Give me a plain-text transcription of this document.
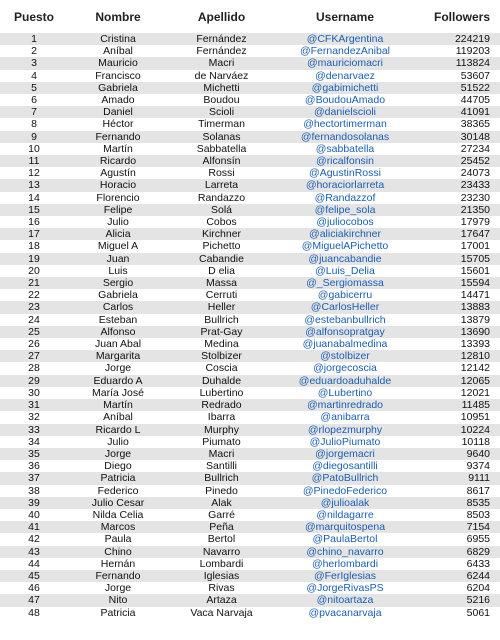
Puesto	Nombre	Apellido	Username	Followers
1	Cristina	Fernández	@CFKArgentina	224219
2	Aníbal	Fernández	@FernandezAnibal	119203
3	Mauricio	Macri	@mauriciomacri	113824
4	Francisco	de Narváez	@denarvaez	53607
5	Gabriela	Michetti	@gabimichetti	51522
6	Amado	Boudou	@BoudouAmado	44705
7	Daniel	Scioli	@danielscioli	41091
8	Héctor	Timerman	@hectortimerman	38365
9	Fernando	Solanas	@fernandosolanas	30148
10	Martín	Sabbatella	@sabbatella	27234
11	Ricardo	Alfonsín	@ricalfonsin	25452
12	Agustín	Rossi	@AgustinRossi	24073
13	Horacio	Larreta	@horaciorlarreta	23433
14	Florencio	Randazzo	@Randazzof	23230
15	Felipe	Solá	@felipe_sola	21350
16	Julio	Cobos	@juliocobos	17979
17	Alicia	Kirchner	@aliciakirchner	17647
18	Miguel A	Pichetto	@MiguelAPichetto	17001
19	Juan	Cabandie	@juancabandie	15705
20	Luis	D elia	@Luis_Delia	15601
21	Sergio	Massa	@_Sergiomassa	15594
22	Gabriela	Cerruti	@gabicerru	14471
23	Carlos	Heller	@CarlosHeller	13883
24	Esteban	Bullrich	@estebanbullrich	13879
25	Alfonso	Prat-Gay	@alfonsopratgay	13690
26	Juan Abal	Medina	@juanabalmedina	13393
27	Margarita	Stolbizer	@stolbizer	12810
28	Jorge	Coscia	@jorgecoscia	12142
29	Eduardo A	Duhalde	@eduardoaduhalde	12065
30	María José	Lubertino	@Lubertino	12021
31	Martín	Redrado	@martinredrado	11485
32	Aníbal	Ibarra	@anibarra	10951
33	Ricardo L	Murphy	@rlopezmurphy	10224
34	Julio	Piumato	@JulioPiumato	10118
35	Jorge	Macri	@jorgemacri	9640
36	Diego	Santilli	@diegosantilli	9374
37	Patricia	Bullrich	@PatoBullrich	9111
38	Federico	Pinedo	@PinedoFederico	8617
39	Julio Cesar	Alak	@julioalak	8535
40	Nilda Celia	Garré	@nildagarre	8503
41	Marcos	Peña	@marquitospena	7154
42	Paula	Bertol	@PaulaBertol	6955
43	Chino	Navarro	@chino_navarro	6829
44	Hernán	Lombardi	@herlombardi	6433
45	Fernando	Iglesias	@FerIglesias	6244
46	Jorge	Rivas	@JorgeRivasPS	6204
47	Nito	Artaza	@nitoartaza	5216
48	Patricia	Vaca Narvaja	@pvacanarvaja	5061
